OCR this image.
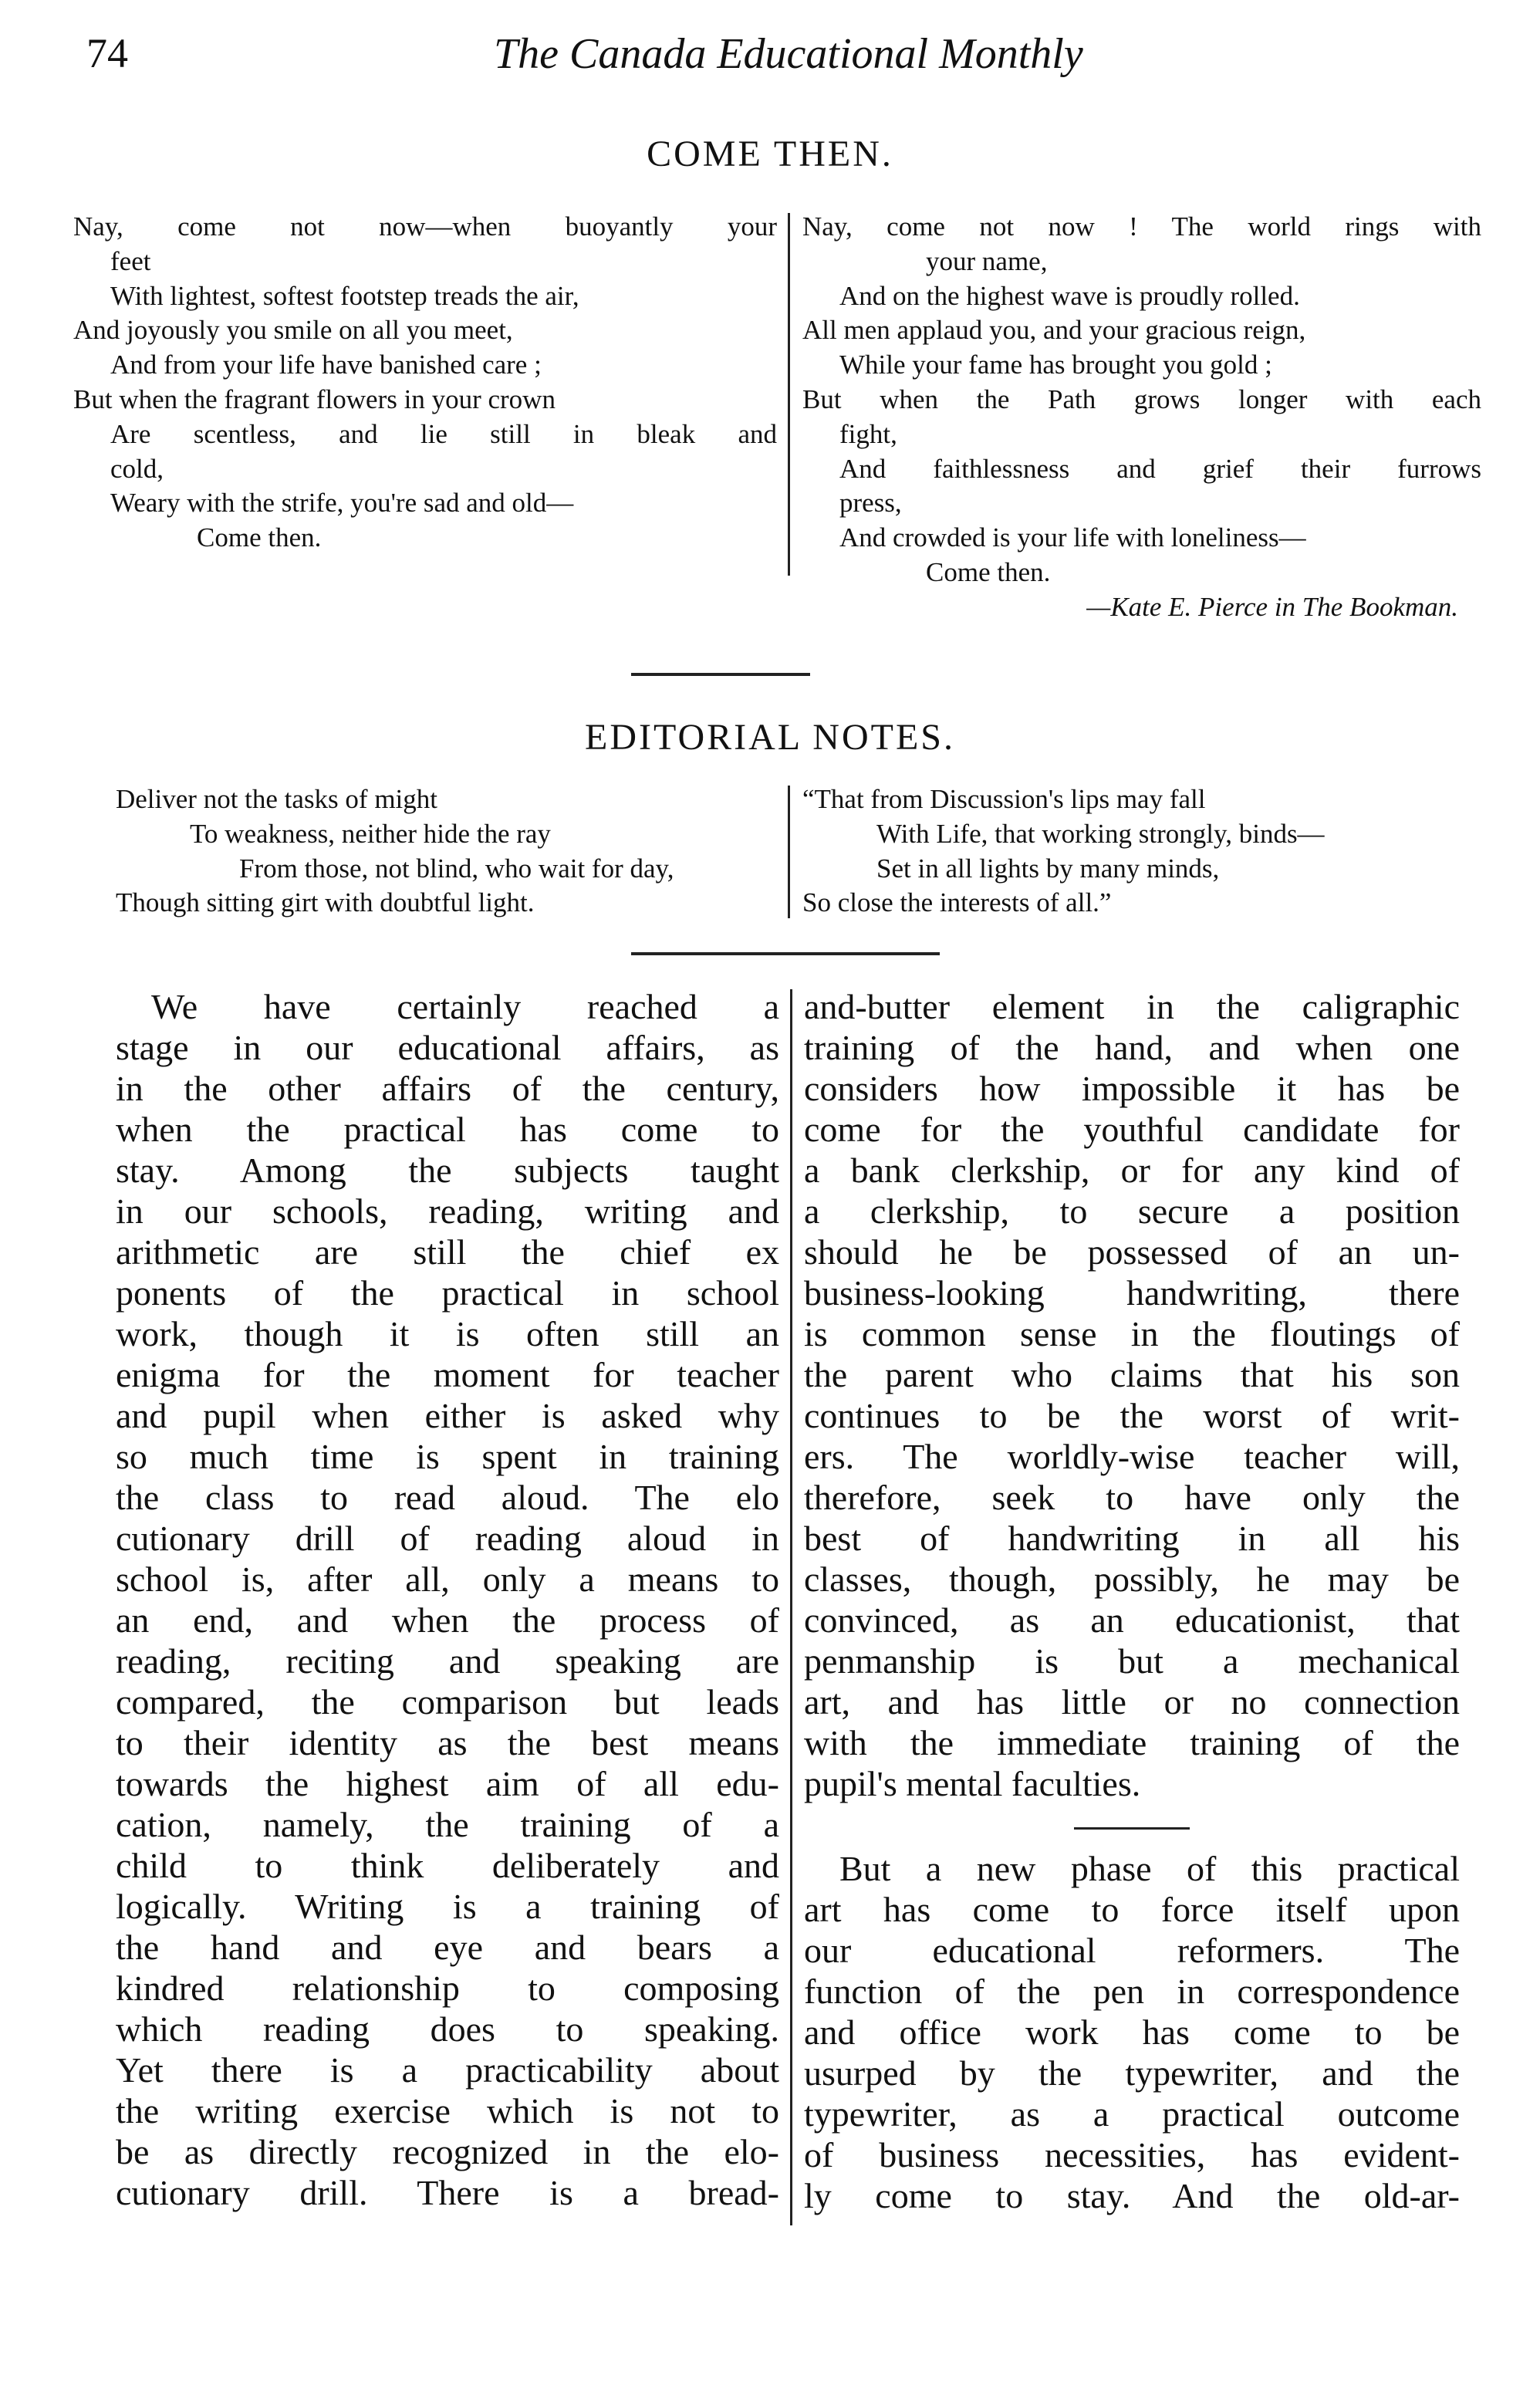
74	The Canada Educational Monthly
COME THEN.
Nay, come not now—when buoyantly your
feet
With lightest, softest footstep treads the air,
And joyously you smile on all you meet,
And from your life have banished care ;
But when the fragrant flowers in your crown
Are scentless, and lie still in bleak and
cold,
Weary with the strife, you're sad and old—
Come then.
Nay, come not now ! The world rings with
your name,
And on the highest wave is proudly rolled.
All men applaud you, and your gracious reign,
While your fame has brought you gold ;
But when the Path grows longer with each
fight,
And faithlessness and grief their furrows
press,
And crowded is your life with loneliness—
Come then.
—Kate E. Pierce in The Bookman.
EDITORIAL NOTES.
Deliver not the tasks of might
To weakness, neither hide the ray
From those, not blind, who wait for day,
Though sitting girt with doubtful light.
“That from Discussion's lips may fall
With Life, that working strongly, binds—
Set in all lights by many minds,
So close the interests of all.”
We have certainly reached a
stage in our educational affairs, as
in the other affairs of the century,
when the practical has come to
stay. Among the subjects taught
in our schools, reading, writing and
arithmetic are still the chief ex
ponents of the practical in school
work, though it is often still an
enigma for the moment for teacher
and pupil when either is asked why
so much time is spent in training
the class to read aloud. The elo
cutionary drill of reading aloud in
school is, after all, only a means to
an end, and when the process of
reading, reciting and speaking are
compared, the comparison but leads
to their identity as the best means
towards the highest aim of all edu-
cation, namely, the training of a
child to think deliberately and
logically. Writing is a training of
the hand and eye and bears a
kindred relationship to composing
which reading does to speaking.
Yet there is a practicability about
the writing exercise which is not to
be as directly recognized in the elo-
cutionary drill. There is a bread-
and-butter element in the caligraphic
training of the hand, and when one
considers how impossible it has be
come for the youthful candidate for
a bank clerkship, or for any kind of
a clerkship, to secure a position
should he be possessed of an un-
business-looking handwriting, there
is common sense in the floutings of
the parent who claims that his son
continues to be the worst of writ-
ers. The worldly-wise teacher will,
therefore, seek to have only the
best of handwriting in all his
classes, though, possibly, he may be
convinced, as an educationist, that
penmanship is but a mechanical
art, and has little or no connection
with the immediate training of the
pupil's mental faculties.
But a new phase of this practical
art has come to force itself upon
our educational reformers. The
function of the pen in correspondence
and office work has come to be
usurped by the typewriter, and the
typewriter, as a practical outcome
of business necessities, has evident-
ly come to stay. And the old-ar-
